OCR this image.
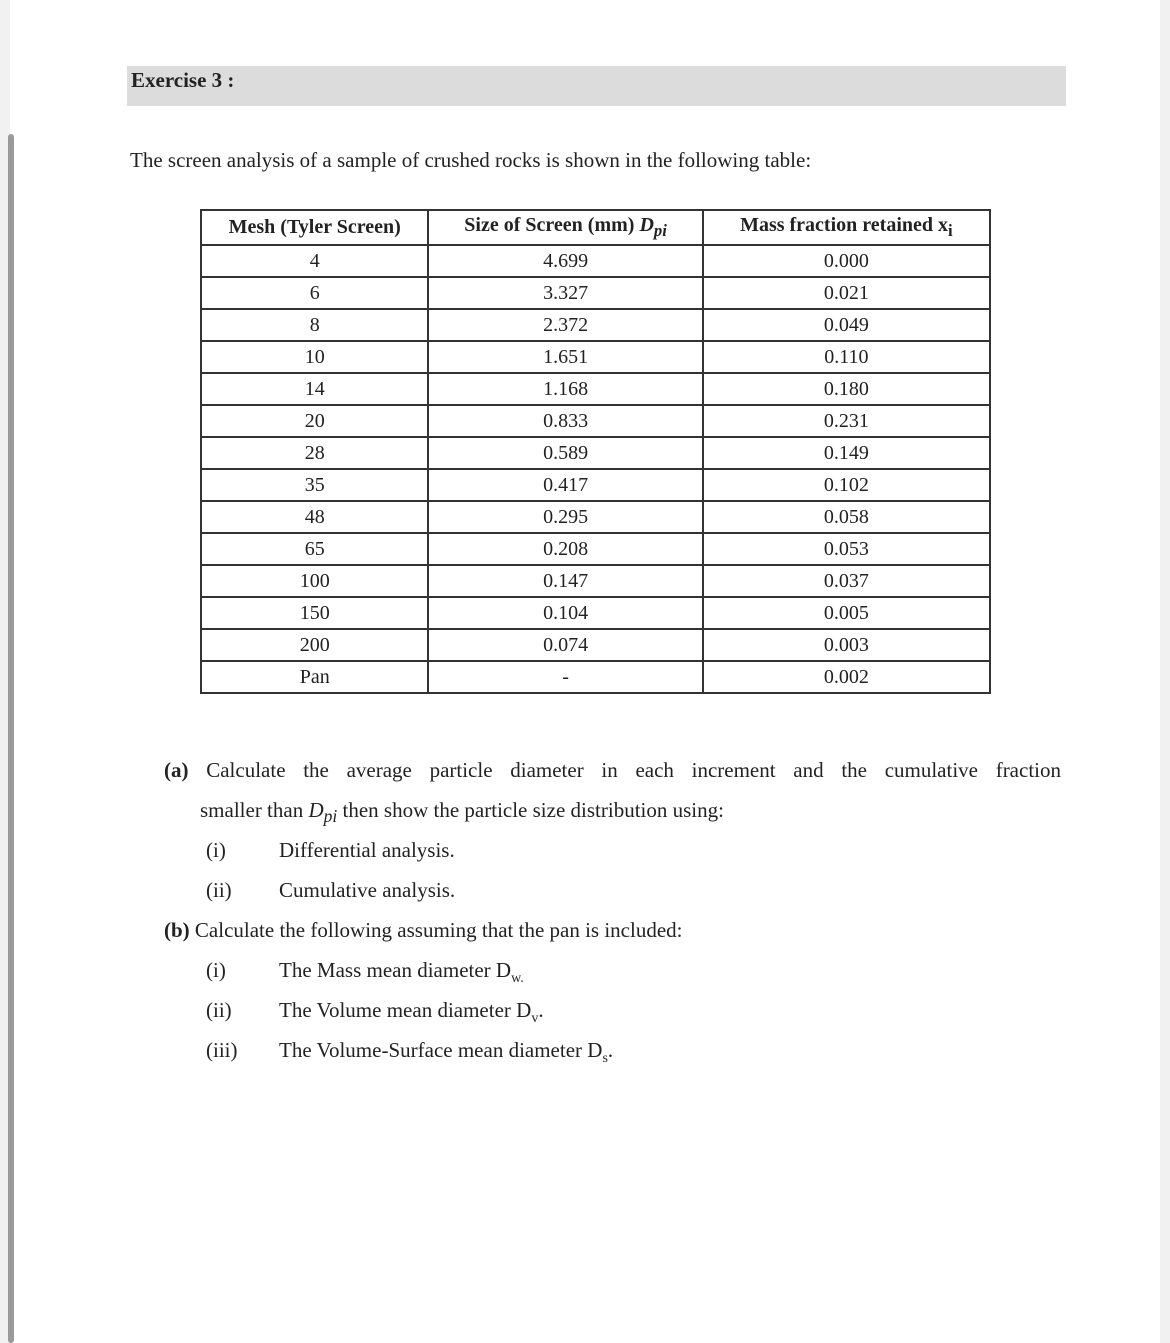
Exercise 3 :
The screen analysis of a sample of crushed rocks is shown in the following table:
Mesh (Tyler Screen)	Size of Screen (mm) $D_{pi}$	Mass fraction retained $x_i$
4	4.699	0.000
6	3.327	0.021
8	2.372	0.049
10	1.651	0.110
14	1.168	0.180
20	0.833	0.231
28	0.589	0.149
35	0.417	0.102
48	0.295	0.058
65	0.208	0.053
100	0.147	0.037
150	0.104	0.005
200	0.074	0.003
Pan	-	0.002
(a) Calculate the average particle diameter in each increment and the cumulative fraction
smaller than $D_{pi}$ then show the particle size distribution using:
(i)	Differential analysis.
(ii) Cumulative analysis.
(b) Calculate the following assuming that the pan is included:
(i)	The Mass mean diameter $D_{w.}$
(ii) The Volume mean diameter $D_v$.
(iii) The Volume-Surface mean diameter $D_s$.
